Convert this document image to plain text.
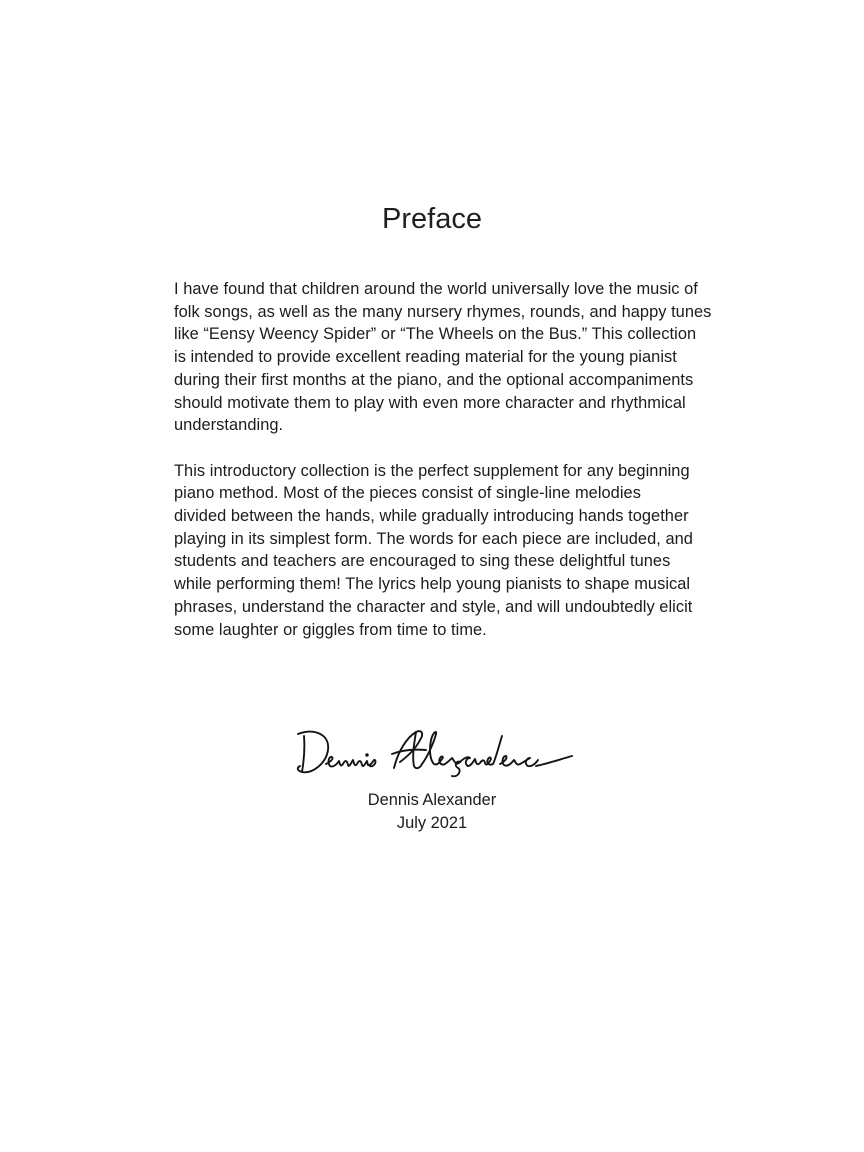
Preface

I have found that children around the world universally love the music of
folk songs, as well as the many nursery rhymes, rounds, and happy tunes
like “Eensy Weency Spider” or “The Wheels on the Bus.” This collection
is intended to provide excellent reading material for the young pianist
during their first months at the piano, and the optional accompaniments
should motivate them to play with even more character and rhythmical
understanding.

This introductory collection is the perfect supplement for any beginning
piano method. Most of the pieces consist of single-line melodies
divided between the hands, while gradually introducing hands together
playing in its simplest form. The words for each piece are included, and
students and teachers are encouraged to sing these delightful tunes
while performing them! The lyrics help young pianists to shape musical
phrases, understand the character and style, and will undoubtedly elicit
some laughter or giggles from time to time.

Dennis Alexander
July 2021
